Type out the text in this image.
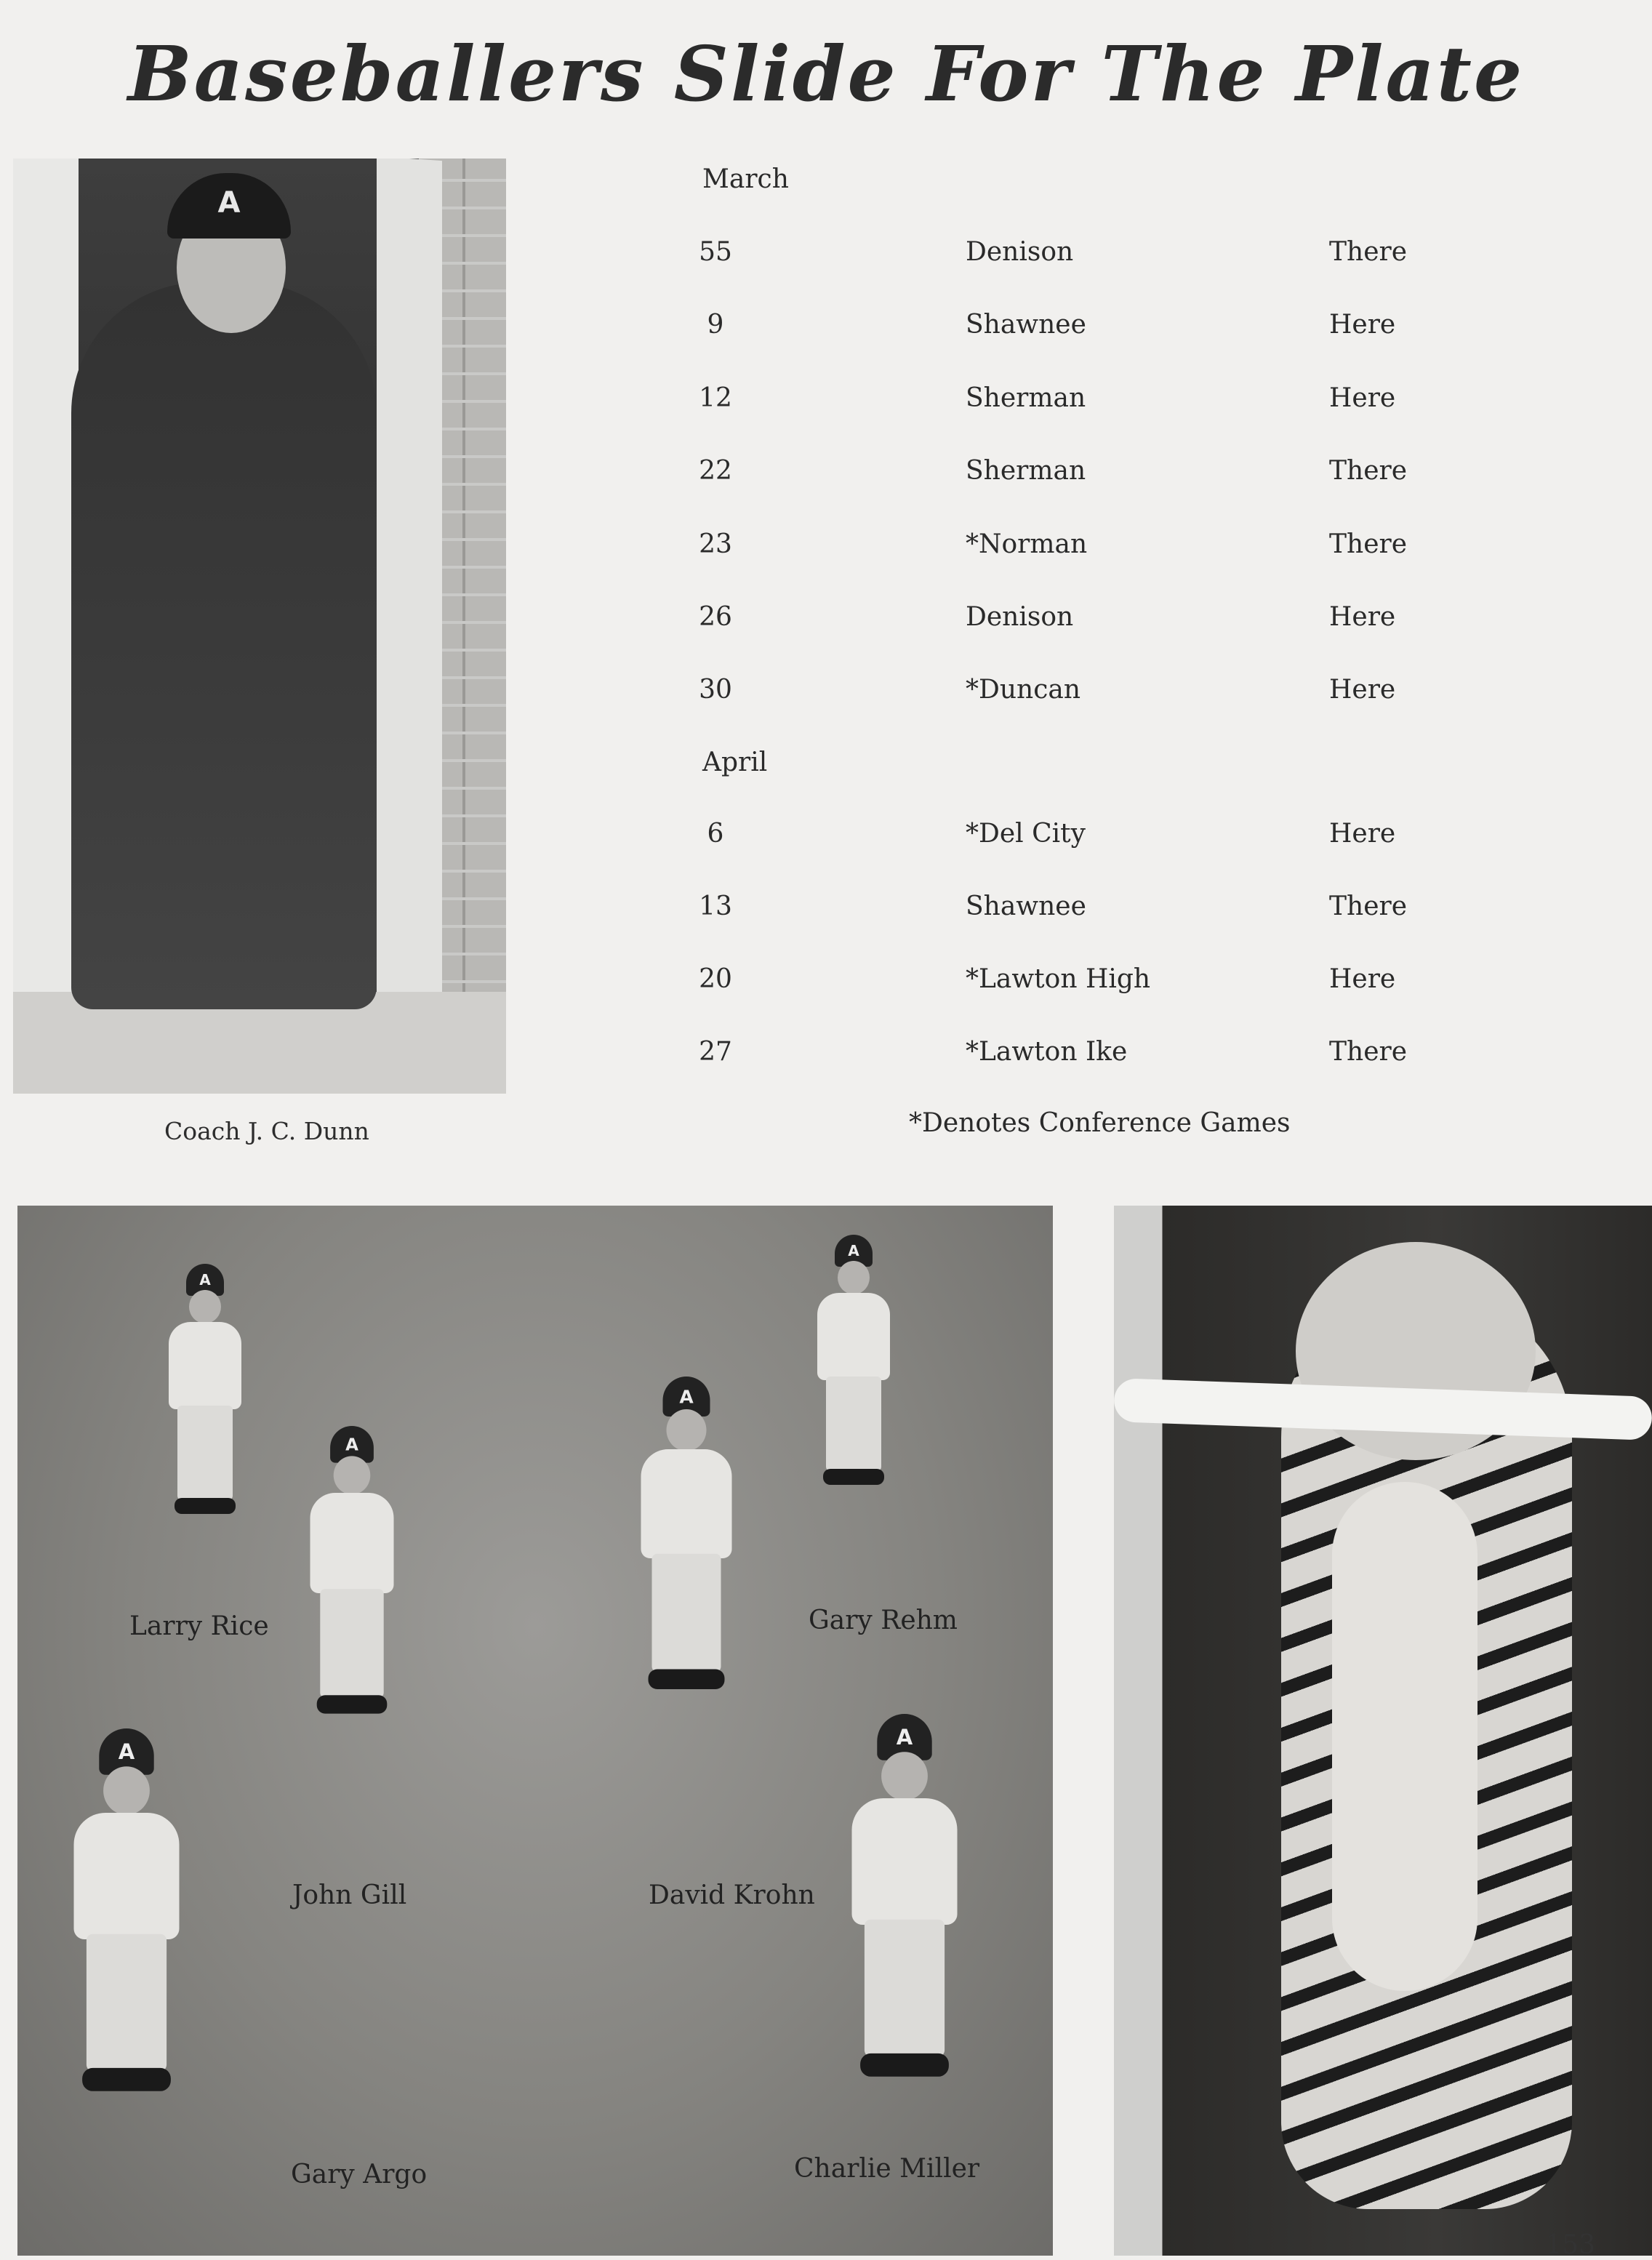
Baseballers Slide For The Plate
A
Coach J. C. Dunn
March
55	Denison	There
9	Shawnee	Here
12	Sherman	Here
22	Sherman	There
23	*Norman	There
26	Denison	Here
30	*Duncan	Here
April
6	*Del City	Here
13	Shawnee	There
20	*Lawton High	Here
27	*Lawton Ike	There
*Denotes Conference Games
A
A
A
A
A
A
Larry Rice	Gary Rehm
John Gill	David Krohn
Gary Argo	Charlie Miller
153
